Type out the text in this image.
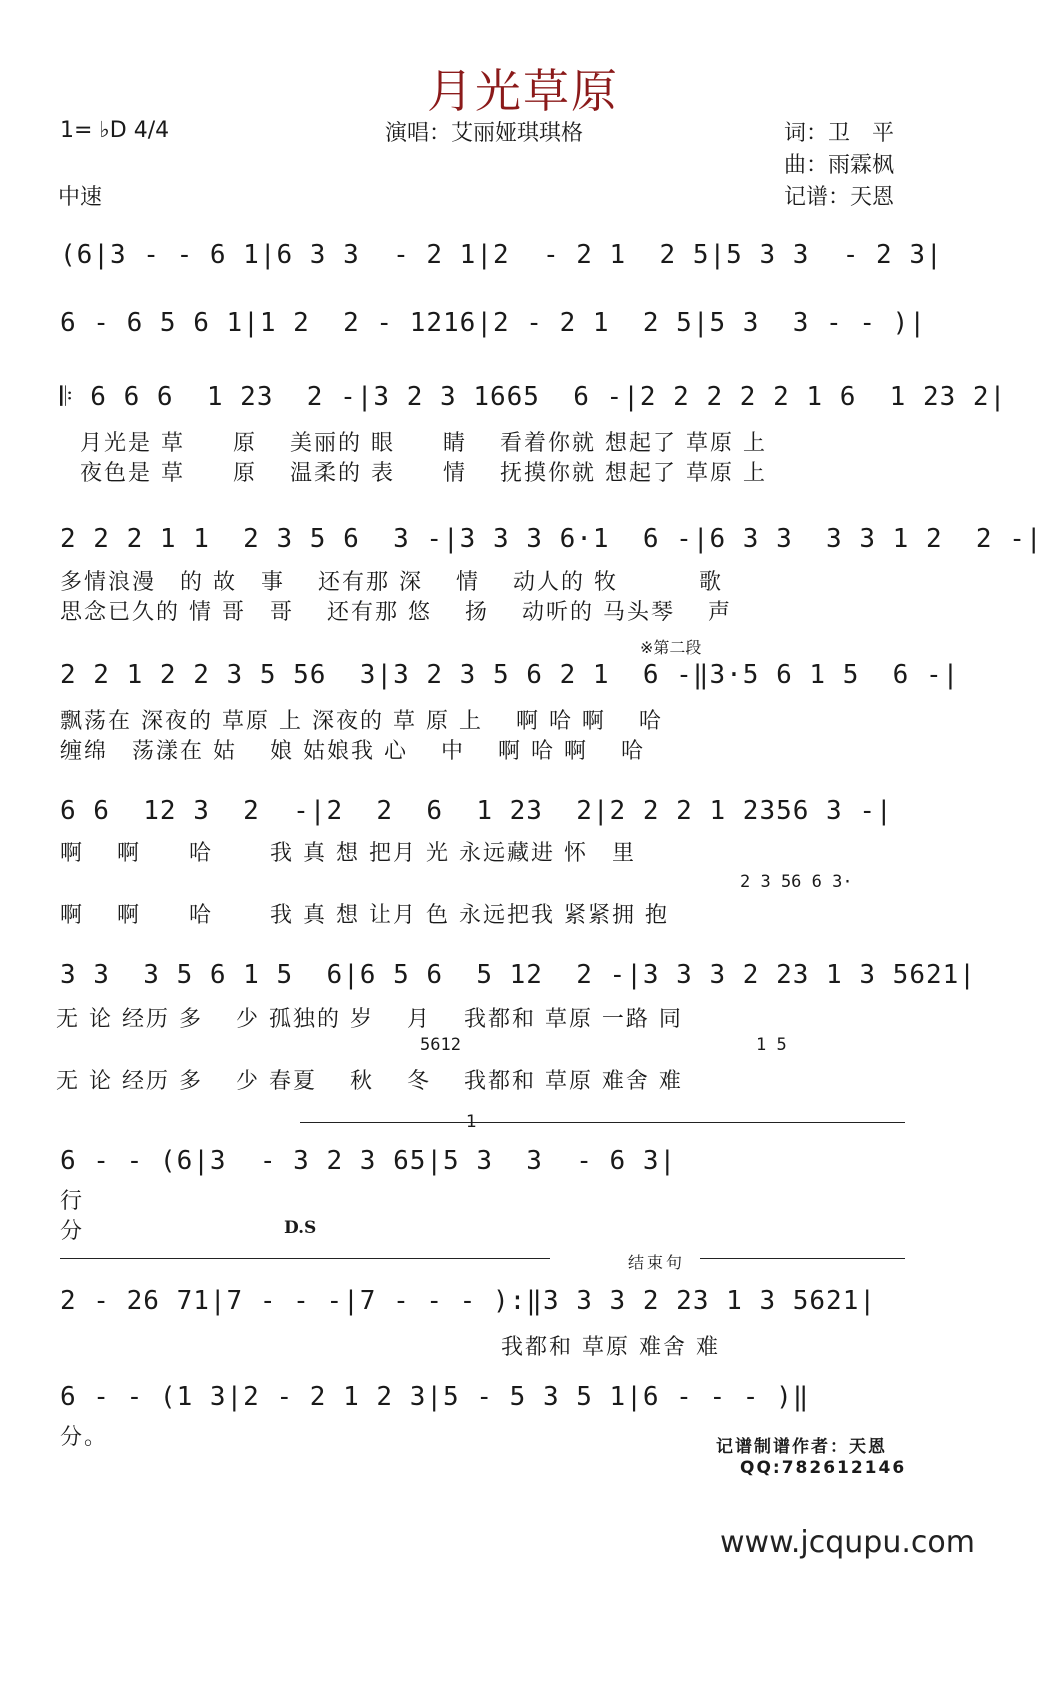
月光草原
1= ♭D 4/4	演唱：艾丽娅琪琪格	词：卫　平
曲：雨霖枫
记谱：天恩
中速
(6|3 - - 6 1|6 3 3  - 2 1|2  - 2 1  2 5|5 3 3  - 2 3|
6 - 6 5 6 1|1 2  2 - 1216|2 - 2 1  2 5|5 3  3 - - )|
𝄆 6 6 6  1 23  2 -|3 2 3 1665  6 -|2 2 2 2 2 1 6  1 23 2|
月光是 草　　原　 美丽的 眼　　睛　 看着你就 想起了 草原 上
夜色是 草　　原　 温柔的 表　　情　 抚摸你就 想起了 草原 上
2 2 2 1 1  2 3 5 6  3 -|3 3 3 6·1  6 -|6 3 3  3 3 1 2  2 -|
多情浪漫　的 故　事　 还有那 深　 情　 动人的 牧　　　 歌
思念已久的 情 哥　哥　 还有那 悠　 扬　 动听的 马头琴　 声
※第二段
2 2 1 2 2 3 5 56  3|3 2 3 5 6 2 1  6 -‖3·5 6 1 5  6 -|
飘荡在 深夜的 草原 上 深夜的 草 原 上　 啊 哈 啊　 哈
缠绵　荡漾在 姑　 娘 姑娘我 心　 中　 啊 哈 啊　 哈
6 6  12 3  2  -|2  2  6  1 23  2|2 2 2 1 2356 3 -|
啊　 啊　　哈　　 我 真 想 把月 光 永远藏进 怀　里
2 3 56 6 3·
啊　 啊　　哈　　 我 真 想 让月 色 永远把我 紧紧拥 抱
3 3  3 5 6 1 5  6|6 5 6  5 12  2 -|3 3 3 2 23 1 3 5621|
无 论 经历 多　 少 孤独的 岁　 月　 我都和 草原 一路 同
5612	1 5
无 论 经历 多　 少 春夏　 秋　 冬　 我都和 草原 难舍 难
1
6 - - (6|3  - 3 2 3 65|5 3  3  - 6 3|
行
分	D.S
结束句
2 - 26 71|7 - - -|7 - - - ):‖3 3 3 2 23 1 3 5621|
　　　　　　　　　　　　　　　　　　 我都和 草原 难舍 难
6 - - (1 3|2 - 2 1 2 3|5 - 5 3 5 1|6 - - - )‖
分。	记谱制谱作者：天恩
QQ:782612146
www.jcqupu.com
